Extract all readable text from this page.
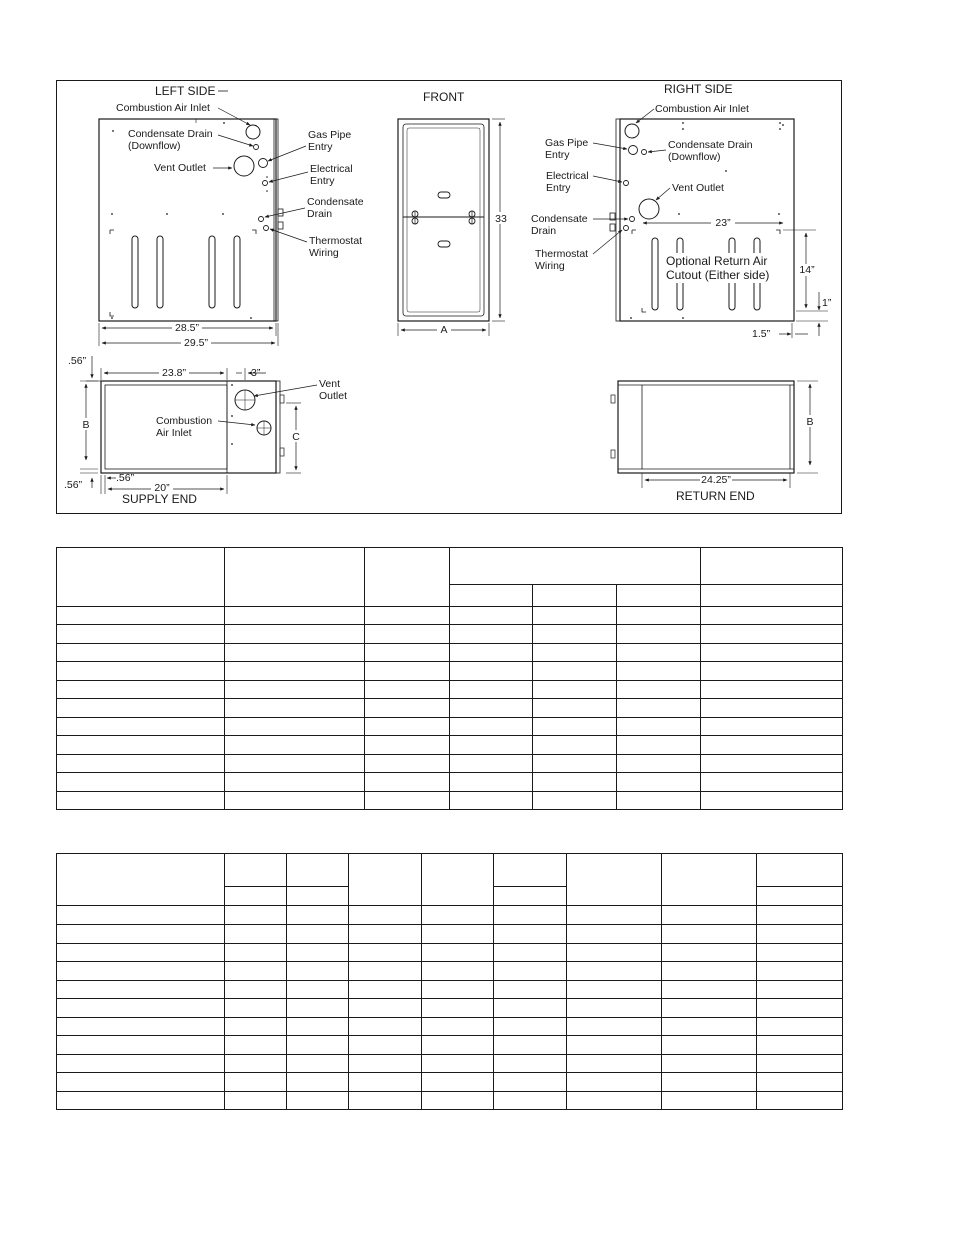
LEFT SIDE
Combustion Air Inlet
Condensate Drain
(Downflow)
Vent Outlet
Gas Pipe
Entry
Electrical
Entry
Condensate
Drain
Thermostat
Wiring
28.5”
29.5”
FRONT
33
A
RIGHT SIDE
Combustion Air Inlet
Gas Pipe
Entry
Condensate Drain
(Downflow)
Electrical
Entry	Vent Outlet
Condensate
Drain
Thermostat
Wiring
23”
Optional Return Air
Cutout (Either side)	14”
1”
1.5”
.56”
23.8”	3”
Vent
Outlet
Combustion
Air Inlet
B
C
.56”
.56”
20”
SUPPLY END
B
24.25”
RETURN END
